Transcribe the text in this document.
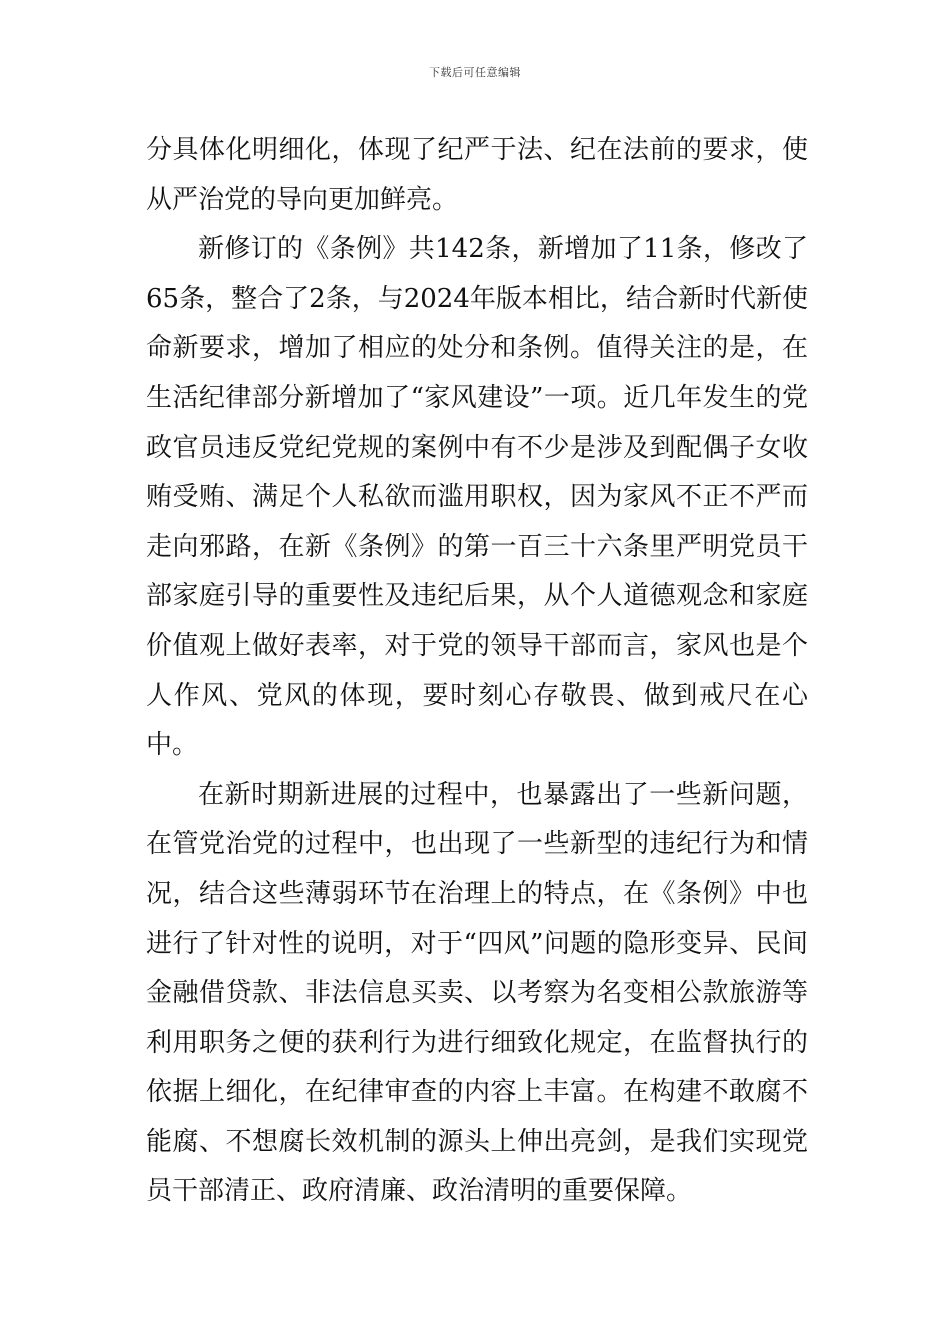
下载后可任意编辑

分具体化明细化，体现了纪严于法、纪在法前的要求，使从严治党的导向更加鲜亮。

新修订的《条例》共142条，新增加了11条，修改了65条，整合了2条，与2024年版本相比，结合新时代新使命新要求，增加了相应的处分和条例。值得关注的是，在生活纪律部分新增加了“家风建设”一项。近几年发生的党政官员违反党纪党规的案例中有不少是涉及到配偶子女收贿受贿、满足个人私欲而滥用职权，因为家风不正不严而走向邪路，在新《条例》的第一百三十六条里严明党员干部家庭引导的重要性及违纪后果，从个人道德观念和家庭价值观上做好表率，对于党的领导干部而言，家风也是个人作风、党风的体现，要时刻心存敬畏、做到戒尺在心中。

在新时期新进展的过程中，也暴露出了一些新问题，在管党治党的过程中，也出现了一些新型的违纪行为和情况，结合这些薄弱环节在治理上的特点，在《条例》中也进行了针对性的说明，对于“四风”问题的隐形变异、民间金融借贷款、非法信息买卖、以考察为名变相公款旅游等利用职务之便的获利行为进行细致化规定，在监督执行的依据上细化，在纪律审查的内容上丰富。在构建不敢腐不能腐、不想腐长效机制的源头上伸出亮剑，是我们实现党员干部清正、政府清廉、政治清明的重要保障。
